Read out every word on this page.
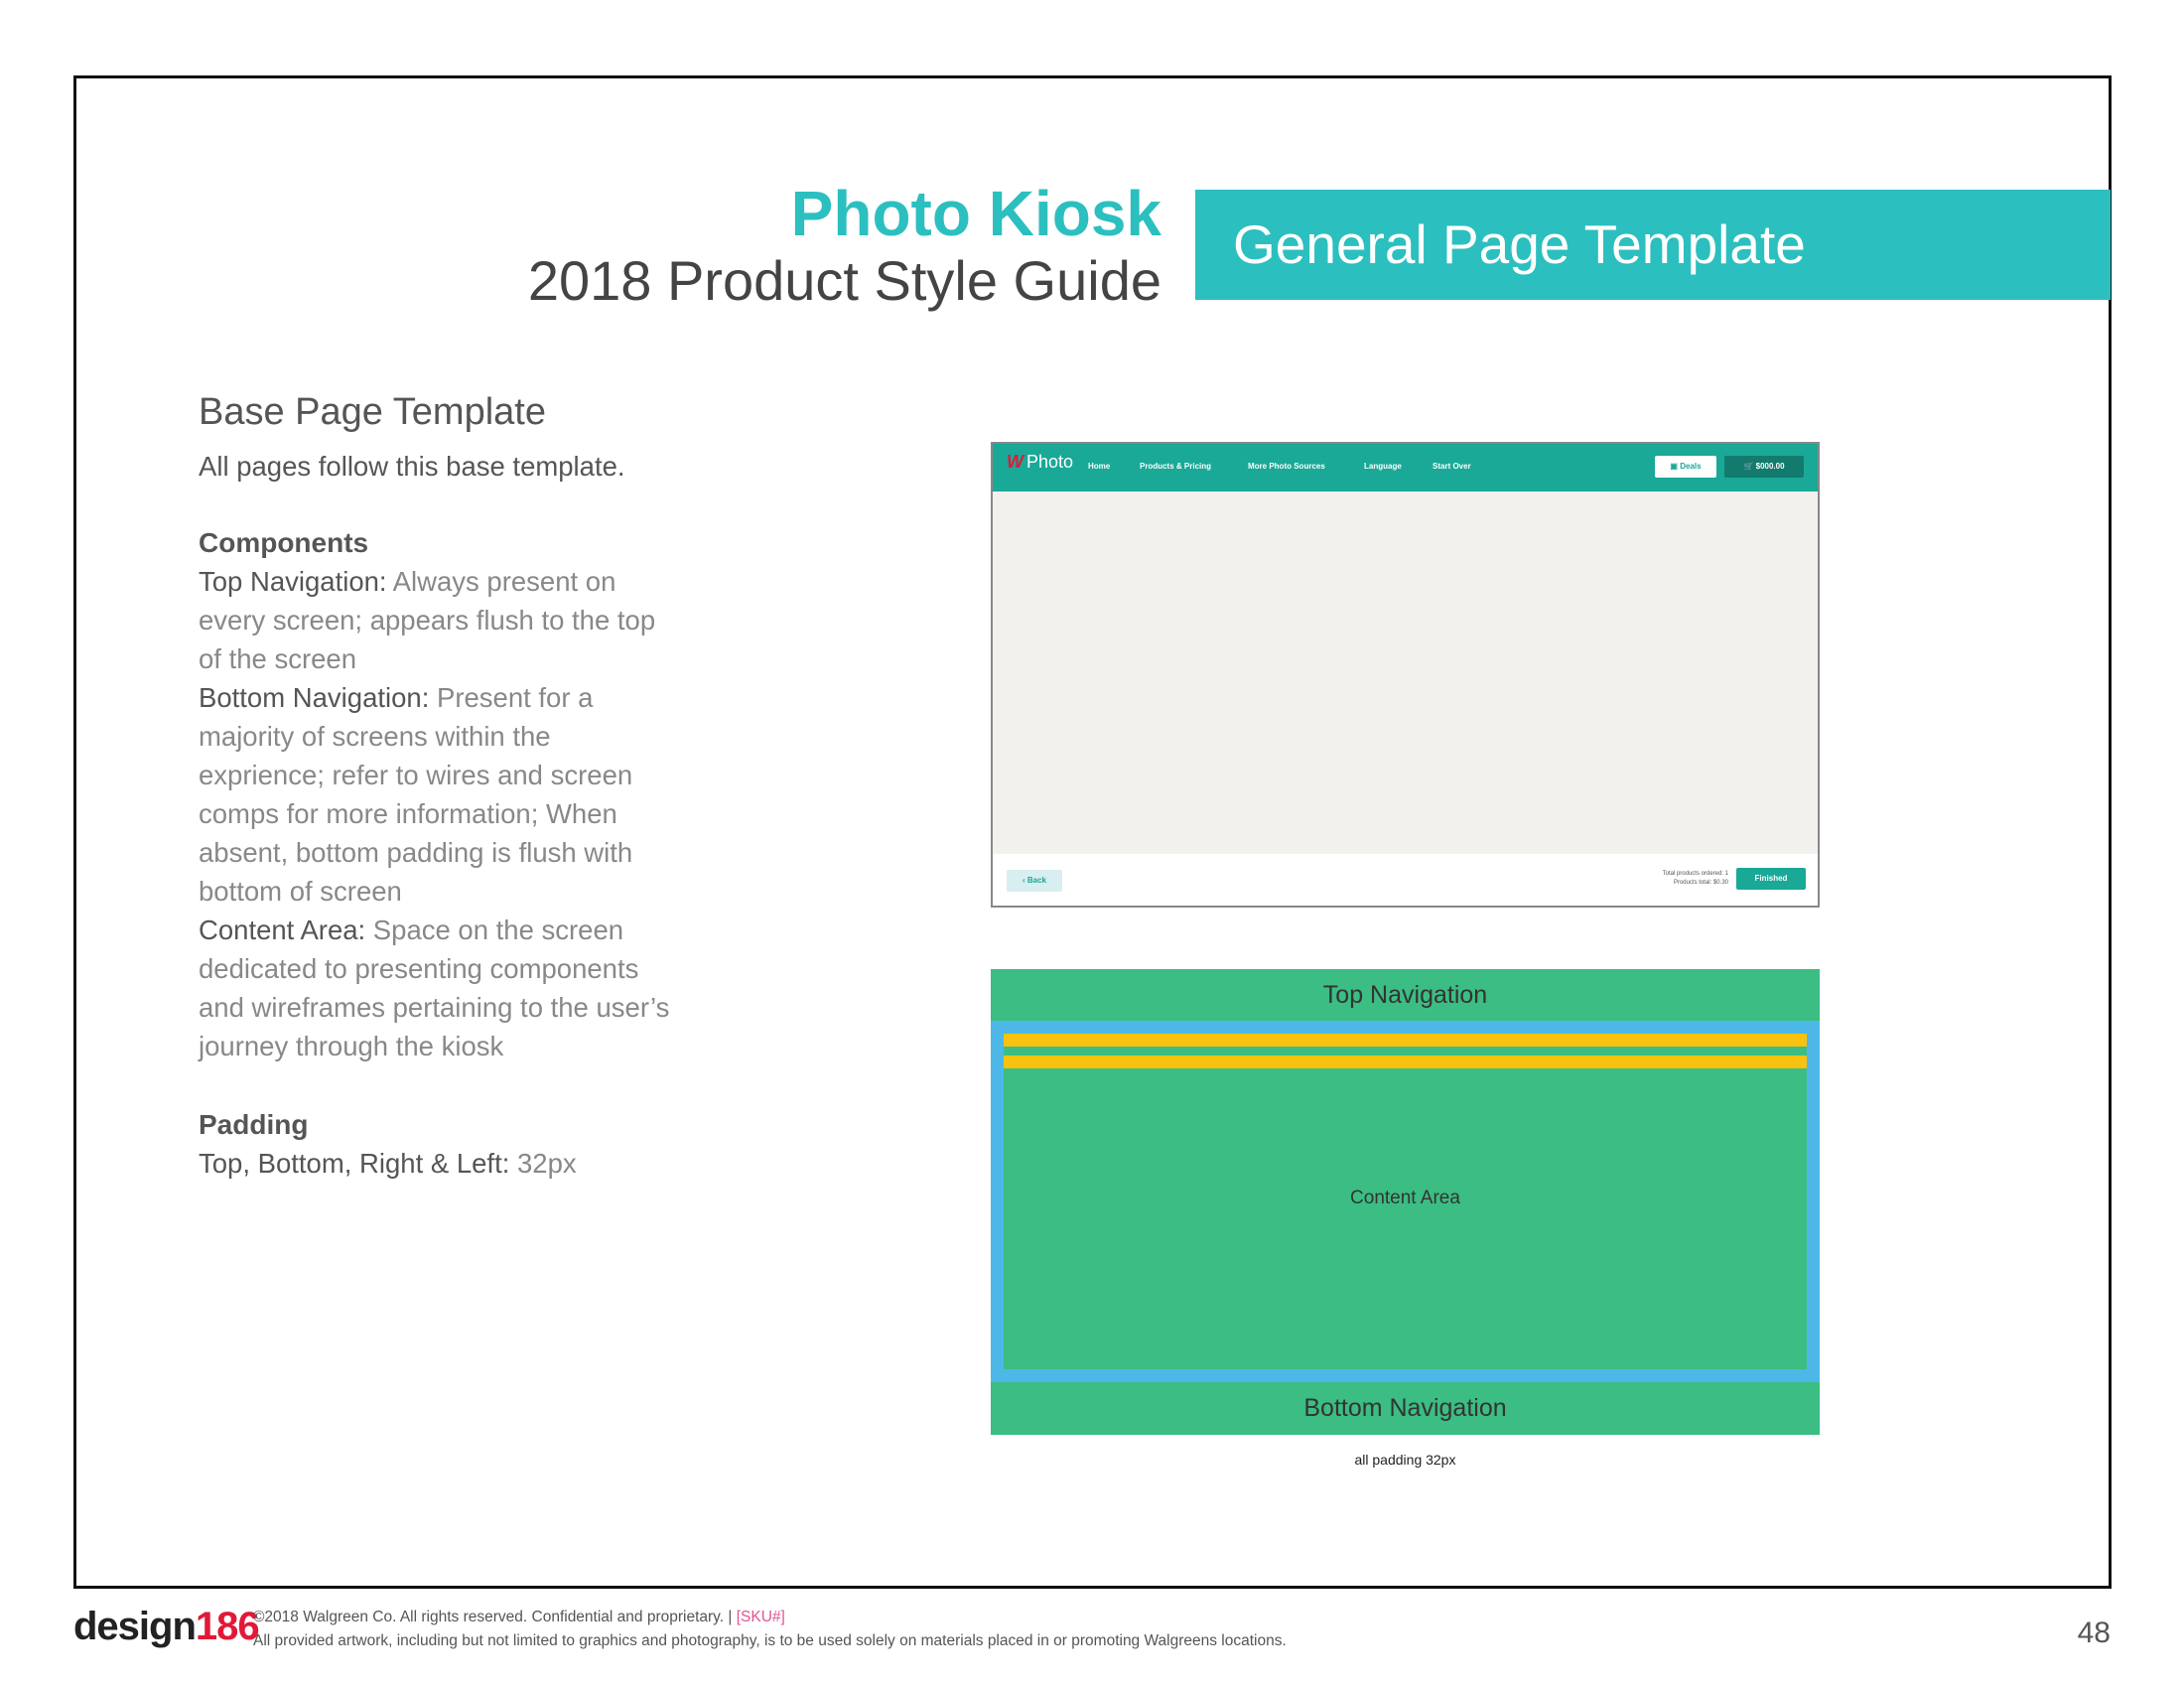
Photo Kiosk
2018 Product Style Guide
General Page Template
Base Page Template
All pages follow this base template.
Components
Top Navigation: Always present on every screen; appears flush to the top of the screen
Bottom Navigation: Present for a majority of screens within the exprience; refer to wires and screen comps for more information; When absent, bottom padding is flush with bottom of screen
Content Area: Space on the screen dedicated to presenting components and wireframes pertaining to the user’s journey through the kiosk
Padding
Top, Bottom, Right & Left: 32px
W Photo Home	Products & Pricing	More Photo Sources	Language	Start Over	▣ Deals	🛒 $000.00
‹ Back
Total products ordered: 1
Products total: $0.30	Finished
Top Navigation
Content Area
Bottom Navigation
all padding 32px
design186
©2018 Walgreen Co. All rights reserved. Confidential and proprietary. | [SKU#]
All provided artwork, including but not limited to graphics and photography, is to be used solely on materials placed in or promoting Walgreens locations.	48
